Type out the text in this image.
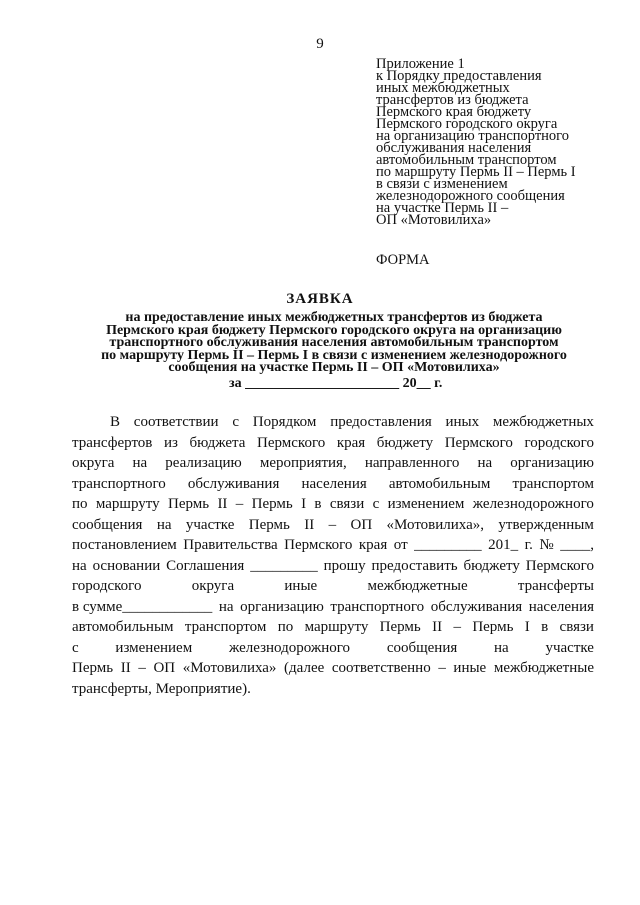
9
Приложение 1
к Порядку предоставления
иных межбюджетных
трансфертов из бюджета
Пермского края бюджету
Пермского городского округа
на организацию транспортного
обслуживания населения
автомобильным транспортом
по маршруту Пермь II – Пермь I
в связи с изменением
железнодорожного сообщения
на участке Пермь II –
ОП «Мотовилиха»
ФОРМА
ЗАЯВКА
на предоставление иных межбюджетных трансфертов из бюджета
Пермского края бюджету Пермского городского округа на организацию
транспортного обслуживания населения автомобильным транспортом
по маршруту Пермь II – Пермь I в связи с изменением железнодорожного
сообщения на участке Пермь II – ОП «Мотовилиха»
за ______________________ 20__ г.
В соответствии с Порядком предоставления иных межбюджетных
трансфертов из бюджета Пермского края бюджету Пермского городского
округа на реализацию мероприятия, направленного на организацию
транспортного обслуживания населения автомобильным транспортом
по маршруту Пермь II – Пермь I в связи с изменением железнодорожного
сообщения на участке Пермь II – ОП «Мотовилиха», утвержденным
постановлением Правительства Пермского края от _________ 201_ г. № ____,
на основании Соглашения _________ прошу предоставить бюджету Пермского
городского	округа	иные	межбюджетные	трансферты
в сумме____________ на организацию транспортного обслуживания населения
автомобильным транспортом по маршруту Пермь II – Пермь I в связи
с изменением железнодорожного сообщения на участке
Пермь II – ОП «Мотовилиха» (далее соответственно – иные межбюджетные
трансферты, Мероприятие).
